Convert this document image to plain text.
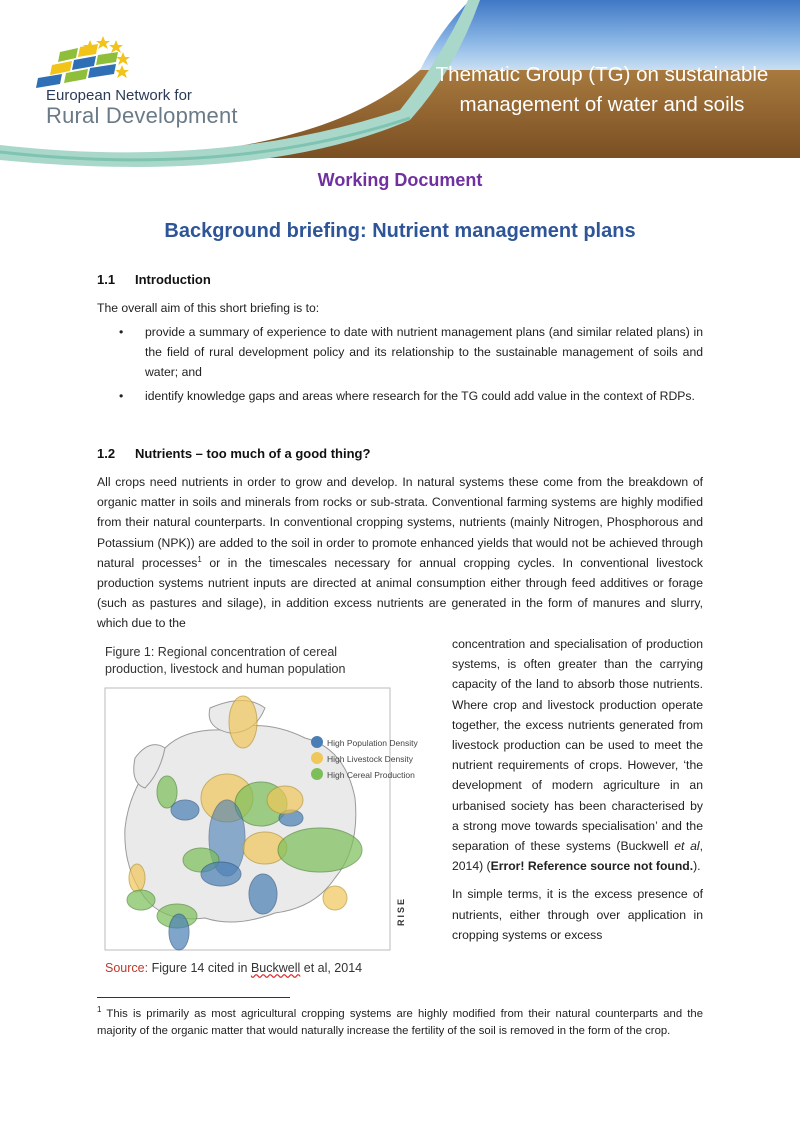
European Network for
Rural Development
Thematic Group (TG) on sustainable management of water and soils
Working Document
Background briefing: Nutrient management plans
1.1 Introduction
The overall aim of this short briefing is to:
• provide a summary of experience to date with nutrient management plans (and similar related plans) in the field of rural development policy and its relationship to the sustainable management of soils and water; and
• identify knowledge gaps and areas where research for the TG could add value in the context of RDPs.
1.2 Nutrients – too much of a good thing?
All crops need nutrients in order to grow and develop. In natural systems these come from the breakdown of organic matter in soils and minerals from rocks or sub-strata. Conventional farming systems are highly modified from their natural counterparts. In conventional cropping systems, nutrients (mainly Nitrogen, Phosphorous and Potassium (NPK)) are added to the soil in order to promote enhanced yields that would not be achieved through natural processes$^1$ or in the timescales necessary for annual cropping cycles. In conventional livestock production systems nutrient inputs are directed at animal consumption either through feed additives or forage (such as pastures and silage), in addition excess nutrients are generated in the form of manures and slurry, which due to the
Figure 1: Regional concentration of cereal production, livestock and human population
High Population Density
High Livestock Density
High Cereal Production
RISE
Source: Figure 14 cited in Buckwell et al, 2014

concentration and specialisation of production systems, is often greater than the carrying capacity of the land to absorb those nutrients. Where crop and livestock production operate together, the excess nutrients generated from livestock production can be used to meet the nutrient requirements of crops. However, ‘the development of modern agriculture in an urbanised society has been characterised by a strong move towards specialisation’ and the separation of these systems (Buckwell et al, 2014) (Error! Reference source not found.).

In simple terms, it is the excess presence of nutrients, either through over application in cropping systems or excess

$^1$ This is primarily as most agricultural cropping systems are highly modified from their natural counterparts and the majority of the organic matter that would naturally increase the fertility of the soil is removed in the form of the crop.
